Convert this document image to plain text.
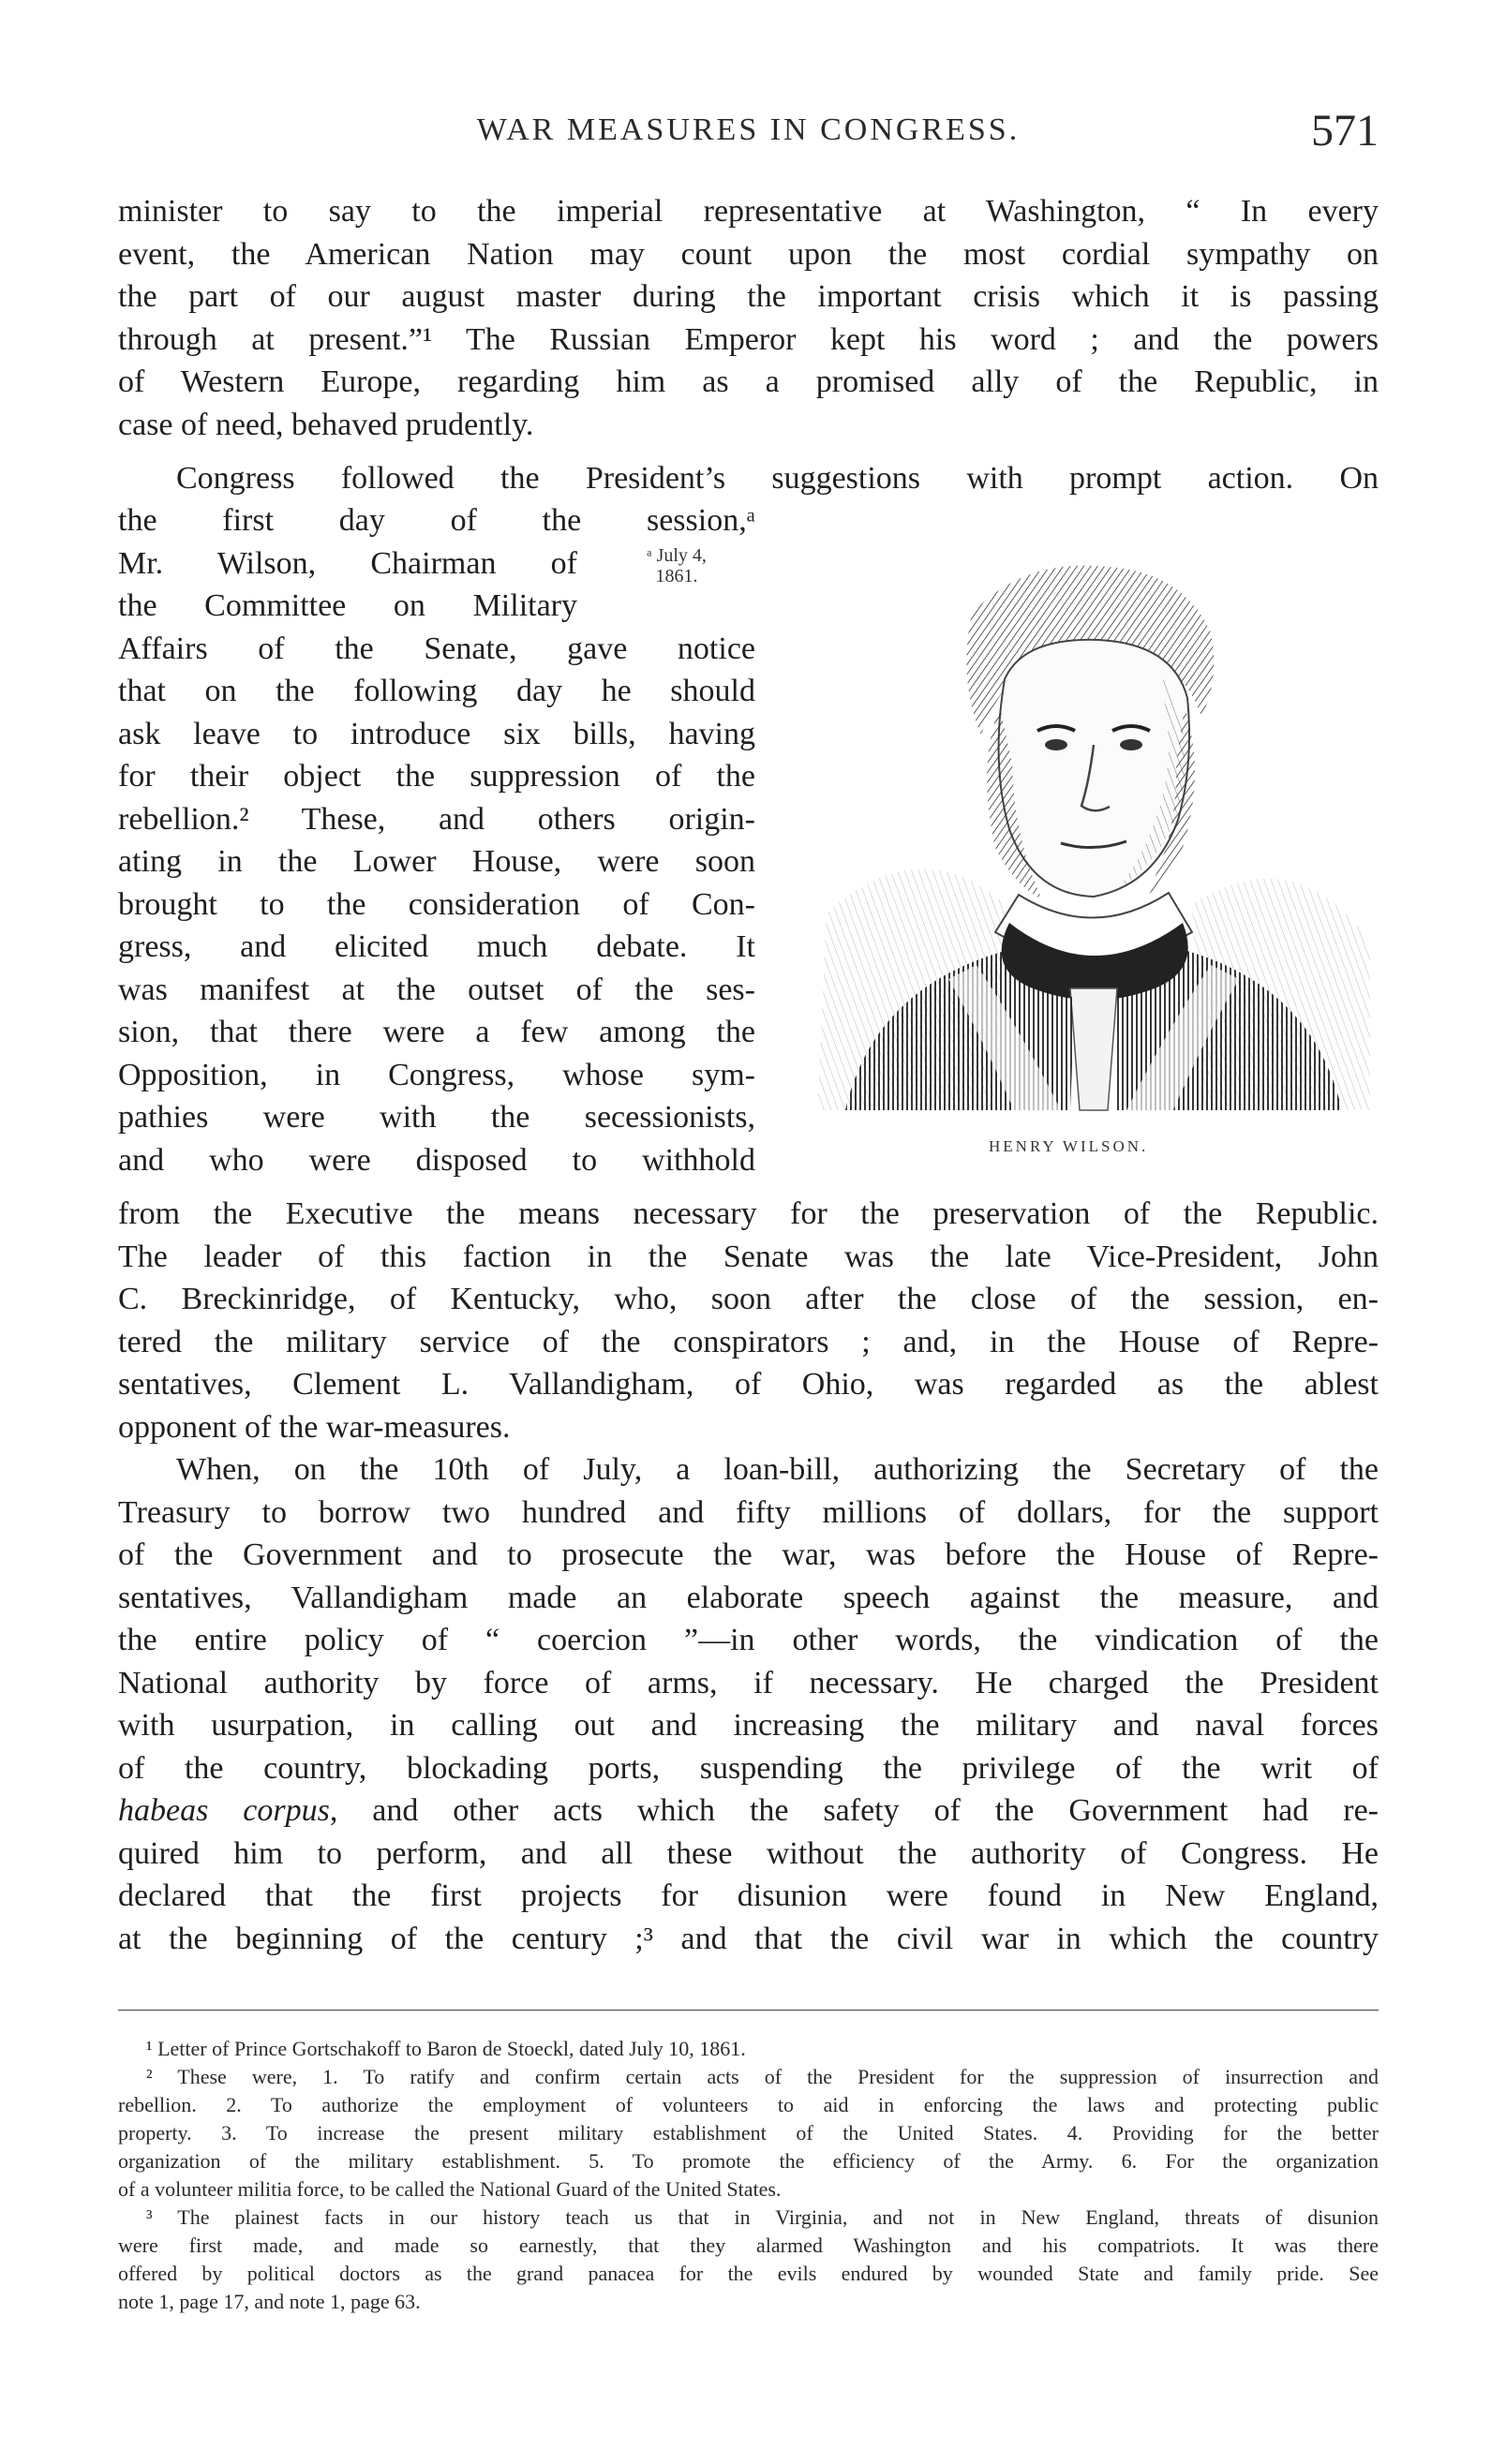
WAR MEASURES IN CONGRESS.	571
minister to say to the imperial representative at Washington, “ In every
event, the American Nation may count upon the most cordial sympathy on
the part of our august master during the important crisis which it is passing
through at present.”¹ The Russian Emperor kept his word ; and the powers
of Western Europe, regarding him as a promised ally of the Republic, in
case of need, behaved prudently.
Congress followed the President’s suggestions with prompt action. On
the first day of the session,ᵃ
Mr. Wilson, Chairman of
the Committee on Military
Affairs of the Senate, gave notice
that on the following day he should
ask leave to introduce six bills, having
for their object the suppression of the
rebellion.² These, and others origin-
ating in the Lower House, were soon
brought to the consideration of Con-
gress, and elicited much debate. It
was manifest at the outset of the ses-
sion, that there were a few among the
Opposition, in Congress, whose sym-
pathies were with the secessionists,
and who were disposed to withhold
ᵃ July 4,
1861.
HENRY WILSON.
from the Executive the means necessary for the preservation of the Republic.
The leader of this faction in the Senate was the late Vice-President, John
C. Breckinridge, of Kentucky, who, soon after the close of the session, en-
tered the military service of the conspirators ; and, in the House of Repre-
sentatives, Clement L. Vallandigham, of Ohio, was regarded as the ablest
opponent of the war-measures.
When, on the 10th of July, a loan-bill, authorizing the Secretary of the
Treasury to borrow two hundred and fifty millions of dollars, for the support
of the Government and to prosecute the war, was before the House of Repre-
sentatives, Vallandigham made an elaborate speech against the measure, and
the entire policy of “ coercion ”—in other words, the vindication of the
National authority by force of arms, if necessary. He charged the President
with usurpation, in calling out and increasing the military and naval forces
of the country, blockading ports, suspending the privilege of the writ of
habeas corpus, and other acts which the safety of the Government had re-
quired him to perform, and all these without the authority of Congress. He
declared that the first projects for disunion were found in New England,
at the beginning of the century ;³ and that the civil war in which the country
¹ Letter of Prince Gortschakoff to Baron de Stoeckl, dated July 10, 1861.
² These were, 1. To ratify and confirm certain acts of the President for the suppression of insurrection and
rebellion. 2. To authorize the employment of volunteers to aid in enforcing the laws and protecting public
property. 3. To increase the present military establishment of the United States. 4. Providing for the better
organization of the military establishment. 5. To promote the efficiency of the Army. 6. For the organization
of a volunteer militia force, to be called the National Guard of the United States.
³ The plainest facts in our history teach us that in Virginia, and not in New England, threats of disunion
were first made, and made so earnestly, that they alarmed Washington and his compatriots. It was there
offered by political doctors as the grand panacea for the evils endured by wounded State and family pride. See
note 1, page 17, and note 1, page 63.
